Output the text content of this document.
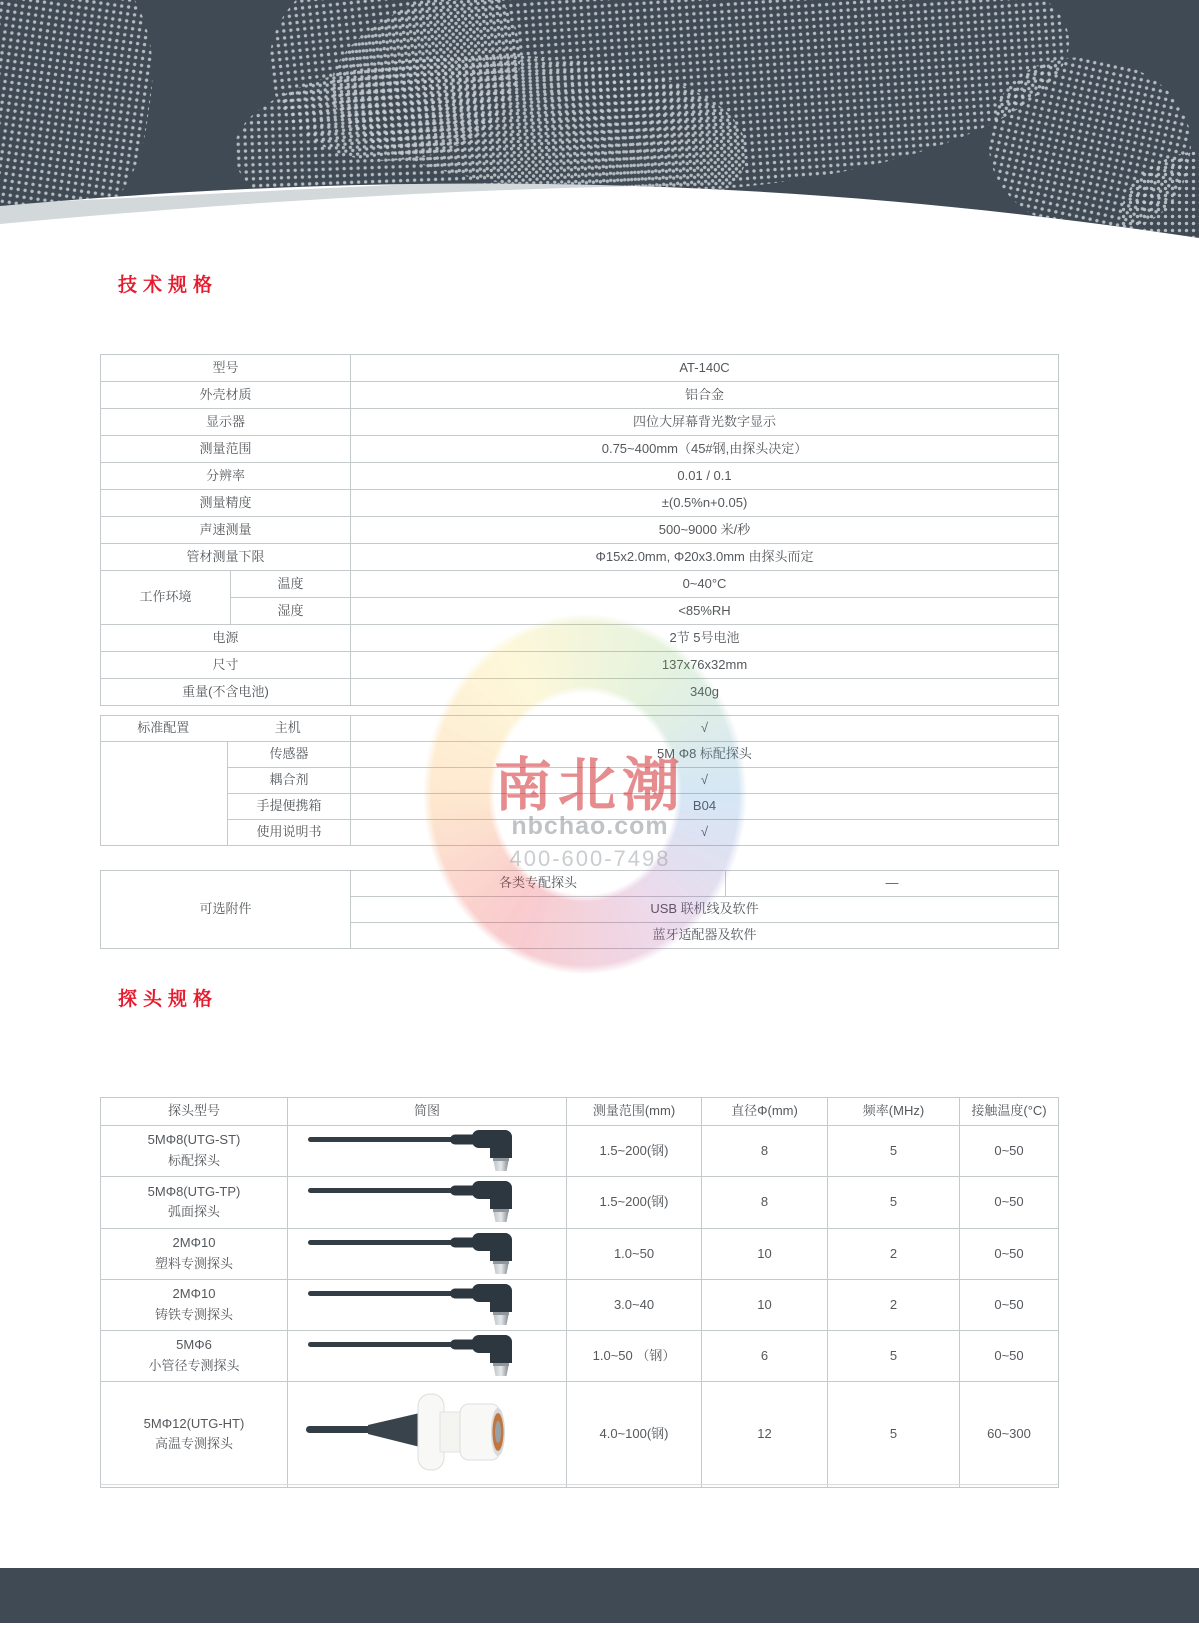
技术规格
型号		AT-140C
外壳材质		铝合金
显示器		四位大屏幕背光数字显示
测量范围		0.75~400mm（45#钢,由探头决定）
分辨率		0.01 / 0.1
测量精度		±(0.5%n+0.05)
声速测量		500~9000 米/秒
管材测量下限		Φ15x2.0mm, Φ20x3.0mm 由探头而定
工作环境	温度	0~40°C
	湿度	<85%RH
电源		2节 5号电池
尺寸		137x76x32mm
重量(不含电池)		340g
标准配置 主机		√
	传感器	5M Φ8 标配探头
	耦合剂	√
	手提便携箱	B04
	使用说明书	√
可选附件	各类专配探头	—
USB 联机线及软件
蓝牙适配器及软件
探头规格
探头型号	简图	测量范围(mm)	直径Φ(mm)	频率(MHz)	接触温度(°C)

5MΦ8(UTG-ST)
标配探头		1.5~200(钢)	8	5	0~50

5MΦ8(UTG-TP)
弧面探头		1.5~200(钢)	8	5	0~50

2MΦ10
塑料专测探头		1.0~50	10	2	0~50

2MΦ10
铸铁专测探头		3.0~40	10	2	0~50

5MΦ6
小管径专测探头		1.0~50 （钢）	6	5	0~50

5MΦ12(UTG-HT)
高温专测探头		4.0~100(钢)	12	5	60~300
南北潮
nbchao.com
400-600-7498
